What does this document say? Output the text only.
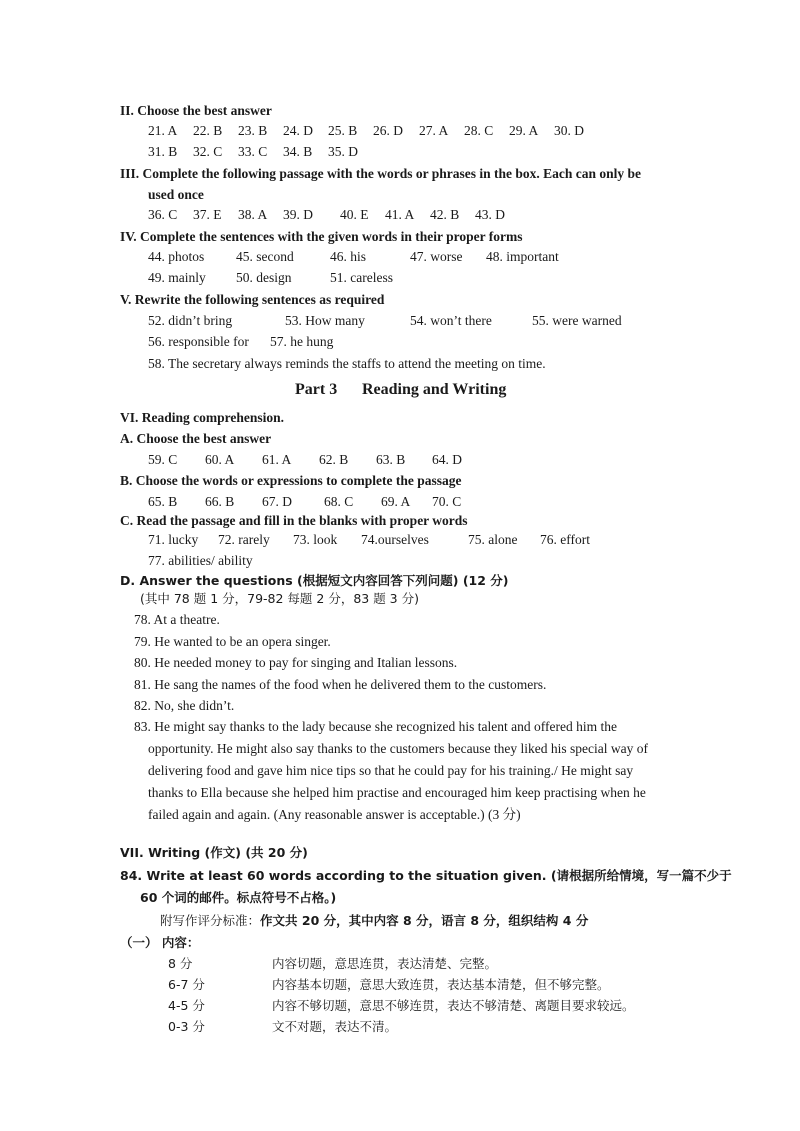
II. Choose the best answer
21. A 22. B 23. B 24. D 25. B 26. D 27. A 28. C 29. A 30. D
31. B 32. C 33. C 34. B 35. D
III. Complete the following passage with the words or phrases in the box. Each can only be
used once
36. C 37. E 38. A 39. D 40. E 41. A 42. B 43. D
IV. Complete the sentences with the given words in their proper forms
44. photos 45. second	46. his	47. worse 48. important
49. mainly 50. design	51. careless
V. Rewrite the following sentences as required
52. didn’t bring	53. How many	54. won’t there	55. were warned
56. responsible for 57. he hung
58. The secretary always reminds the staffs to attend the meeting on time.
Part 3 Reading and Writing
VI. Reading comprehension.
A. Choose the best answer
59. C 60. A 61. A 62. B 63. B 64. D
B. Choose the words or expressions to complete the passage
65. B 66. B 67. D 68. C 69. A 70. C
C. Read the passage and fill in the blanks with proper words
71. lucky 72. rarely 73. look 74.ourselves	75. alone 76. effort
77. abilities/ ability
D. Answer the questions (根据短文内容回答下列问题) (12 分)
(其中 78 题 1 分，79-82 每题 2 分，83 题 3 分)
78. At a theatre.
79. He wanted to be an opera singer.
80. He needed money to pay for singing and Italian lessons.
81. He sang the names of the food when he delivered them to the customers.
82. No, she didn’t.
83. He might say thanks to the lady because she recognized his talent and offered him the
opportunity. He might also say thanks to the customers because they liked his special way of
delivering food and gave him nice tips so that he could pay for his training./ He might say
thanks to Ella because she helped him practise and encouraged him keep practising when he
failed again and again. (Any reasonable answer is acceptable.) (3 分)
VII. Writing (作文) (共 20 分)
84. Write at least 60 words according to the situation given. (请根据所给情境，写一篇不少于
60 个词的邮件。标点符号不占格。)
附写作评分标准：作文共 20 分，其中内容 8 分，语言 8 分，组织结构 4 分
（一） 内容：
8 分	内容切题，意思连贯，表达清楚、完整。
6-7 分	内容基本切题，意思大致连贯，表达基本清楚，但不够完整。
4-5 分	内容不够切题，意思不够连贯，表达不够清楚、离题目要求较远。
0-3 分	文不对题，表达不清。
